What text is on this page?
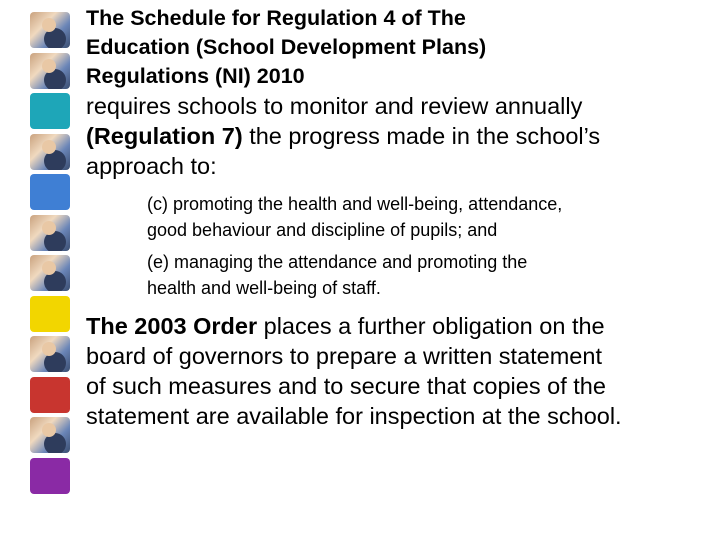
The Schedule for Regulation 4 of The
Education (School Development Plans)
Regulations (NI) 2010
requires schools to monitor and review annually
(Regulation 7) the progress made in the school’s
approach to:

(c) promoting the health and well-being, attendance,
good behaviour and discipline of pupils; and

(e) managing the attendance and promoting the
health and well-being of staff.

The 2003 Order places a further obligation on the
board of governors to prepare a written statement
of such measures and to secure that copies of the
statement are available for inspection at the school.
